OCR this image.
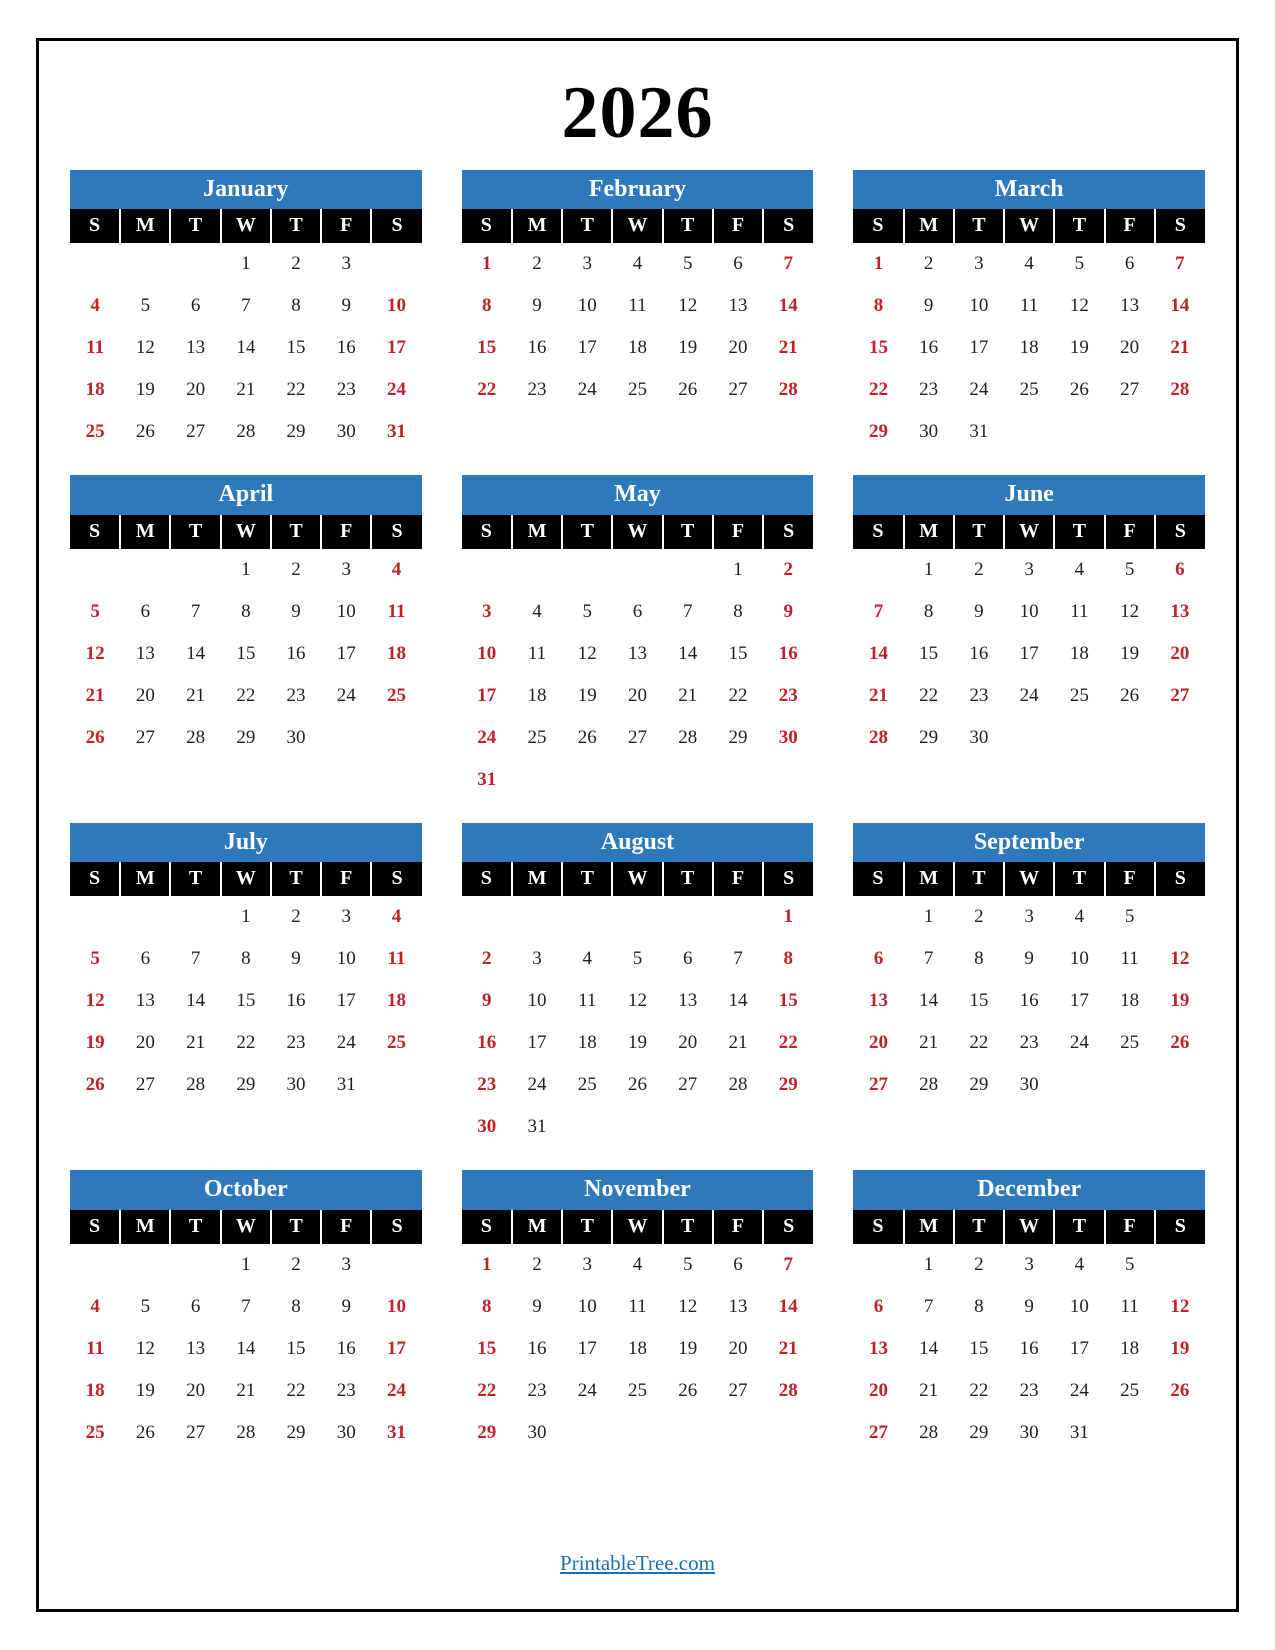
2026
January
S	M	T	W	T	F	S
			1	2	3	
4	5	6	7	8	9	10
11	12	13	14	15	16	17
18	19	20	21	22	23	24
25	26	27	28	29	30	31
February
S	M	T	W	T	F	S
1	2	3	4	5	6	7
8	9	10	11	12	13	14
15	16	17	18	19	20	21
22	23	24	25	26	27	28
March
S	M	T	W	T	F	S
1	2	3	4	5	6	7
8	9	10	11	12	13	14
15	16	17	18	19	20	21
22	23	24	25	26	27	28
29	30	31				
April
S	M	T	W	T	F	S
			1	2	3	4
5	6	7	8	9	10	11
12	13	14	15	16	17	18
21	20	21	22	23	24	25
26	27	28	29	30		
May
S	M	T	W	T	F	S
					1	2
3	4	5	6	7	8	9
10	11	12	13	14	15	16
17	18	19	20	21	22	23
24	25	26	27	28	29	30
31						
June
S	M	T	W	T	F	S
	1	2	3	4	5	6
7	8	9	10	11	12	13
14	15	16	17	18	19	20
21	22	23	24	25	26	27
28	29	30				
July
S	M	T	W	T	F	S
			1	2	3	4
5	6	7	8	9	10	11
12	13	14	15	16	17	18
19	20	21	22	23	24	25
26	27	28	29	30	31	
August
S	M	T	W	T	F	S
						1
2	3	4	5	6	7	8
9	10	11	12	13	14	15
16	17	18	19	20	21	22
23	24	25	26	27	28	29
30	31					
September
S	M	T	W	T	F	S
	1	2	3	4	5	
6	7	8	9	10	11	12
13	14	15	16	17	18	19
20	21	22	23	24	25	26
27	28	29	30			
October
S	M	T	W	T	F	S
			1	2	3	
4	5	6	7	8	9	10
11	12	13	14	15	16	17
18	19	20	21	22	23	24
25	26	27	28	29	30	31
November
S	M	T	W	T	F	S
1	2	3	4	5	6	7
8	9	10	11	12	13	14
15	16	17	18	19	20	21
22	23	24	25	26	27	28
29	30					
December
S	M	T	W	T	F	S
	1	2	3	4	5	
6	7	8	9	10	11	12
13	14	15	16	17	18	19
20	21	22	23	24	25	26
27	28	29	30	31		
PrintableTree.com
